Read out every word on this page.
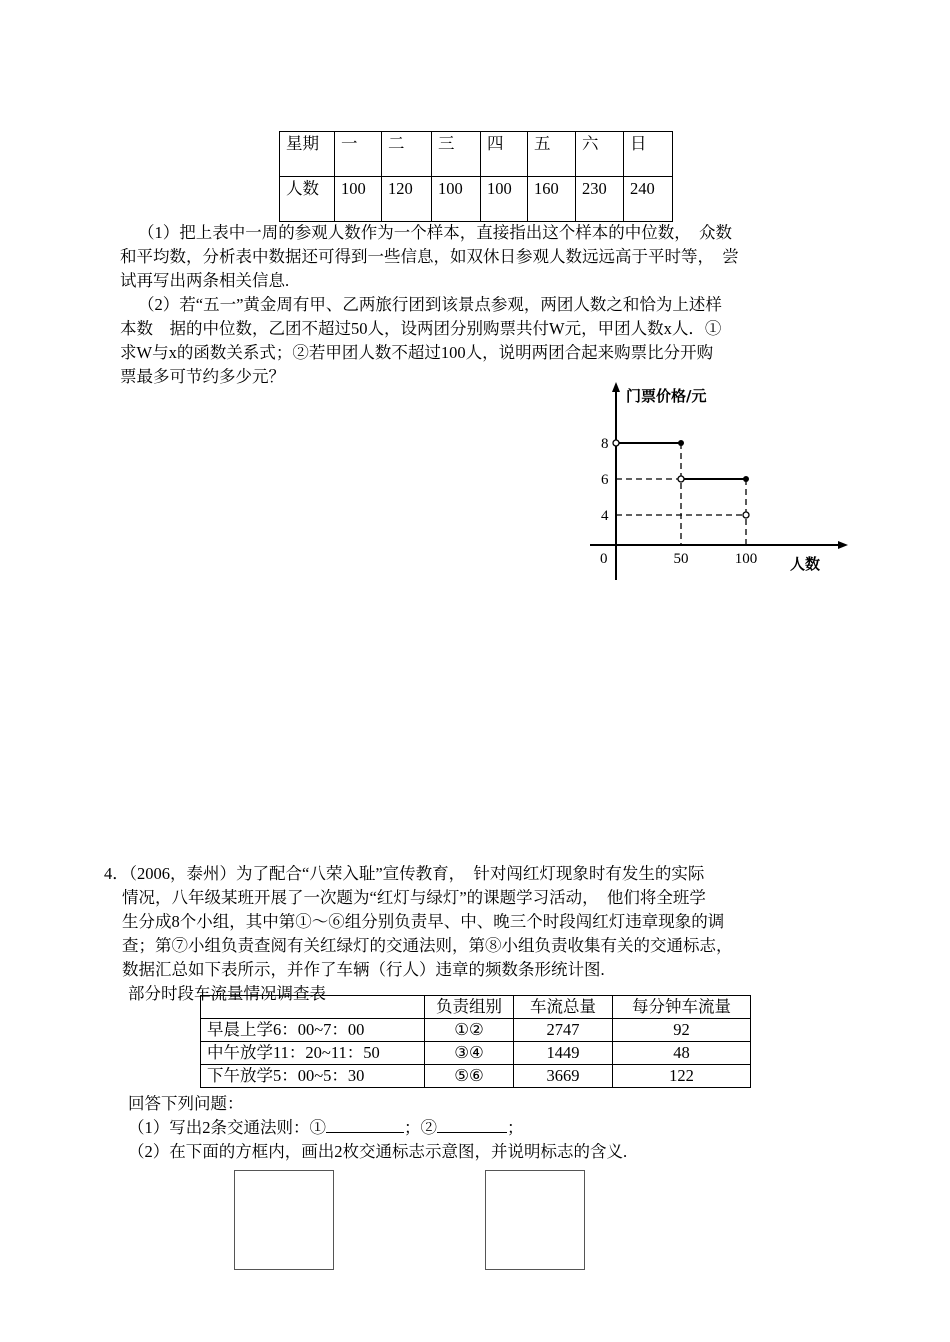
星期	一	二	三	四	五	六	日
人数	100	120	100	100	160	230	240
（1）把上表中一周的参观人数作为一个样本，直接指出这个样本的中位数，　众数
和平均数，分析表中数据还可得到一些信息，如双休日参观人数远远高于平时等，　尝
试再写出两条相关信息.
（2）若“五一”黄金周有甲、乙两旅行团到该景点参观，两团人数之和恰为上述样
本数　据的中位数，乙团不超过50人，设两团分别购票共付W元，甲团人数x人．①
求W与x的函数关系式；②若甲团人数不超过100人，说明两团合起来购票比分开购
票最多可节约多少元？
门票价格/元
人数
8
6
4
0	50	100
4．（2006，泰州）为了配合“八荣入耻”宣传教育，　针对闯红灯现象时有发生的实际
情况，八年级某班开展了一次题为“红灯与绿灯”的课题学习活动，　他们将全班学
生分成8个小组，其中第①～⑥组分别负责早、中、晚三个时段闯红灯违章现象的调
查；第⑦小组负责查阅有关红绿灯的交通法则，第⑧小组负责收集有关的交通标志，
数据汇总如下表所示，并作了车辆（行人）违章的频数条形统计图.
部分时段车流量情况调查表
	负责组别	车流总量	每分钟车流量
早晨上学6：00~7：00	①②	2747	92
中午放学11：20~11：50	③④	1449	48
下午放学5：00~5：30	⑤⑥	3669	122
回答下列问题：
（1）写出2条交通法则：①	；②	；
（2）在下面的方框内，画出2枚交通标志示意图，并说明标志的含义.
